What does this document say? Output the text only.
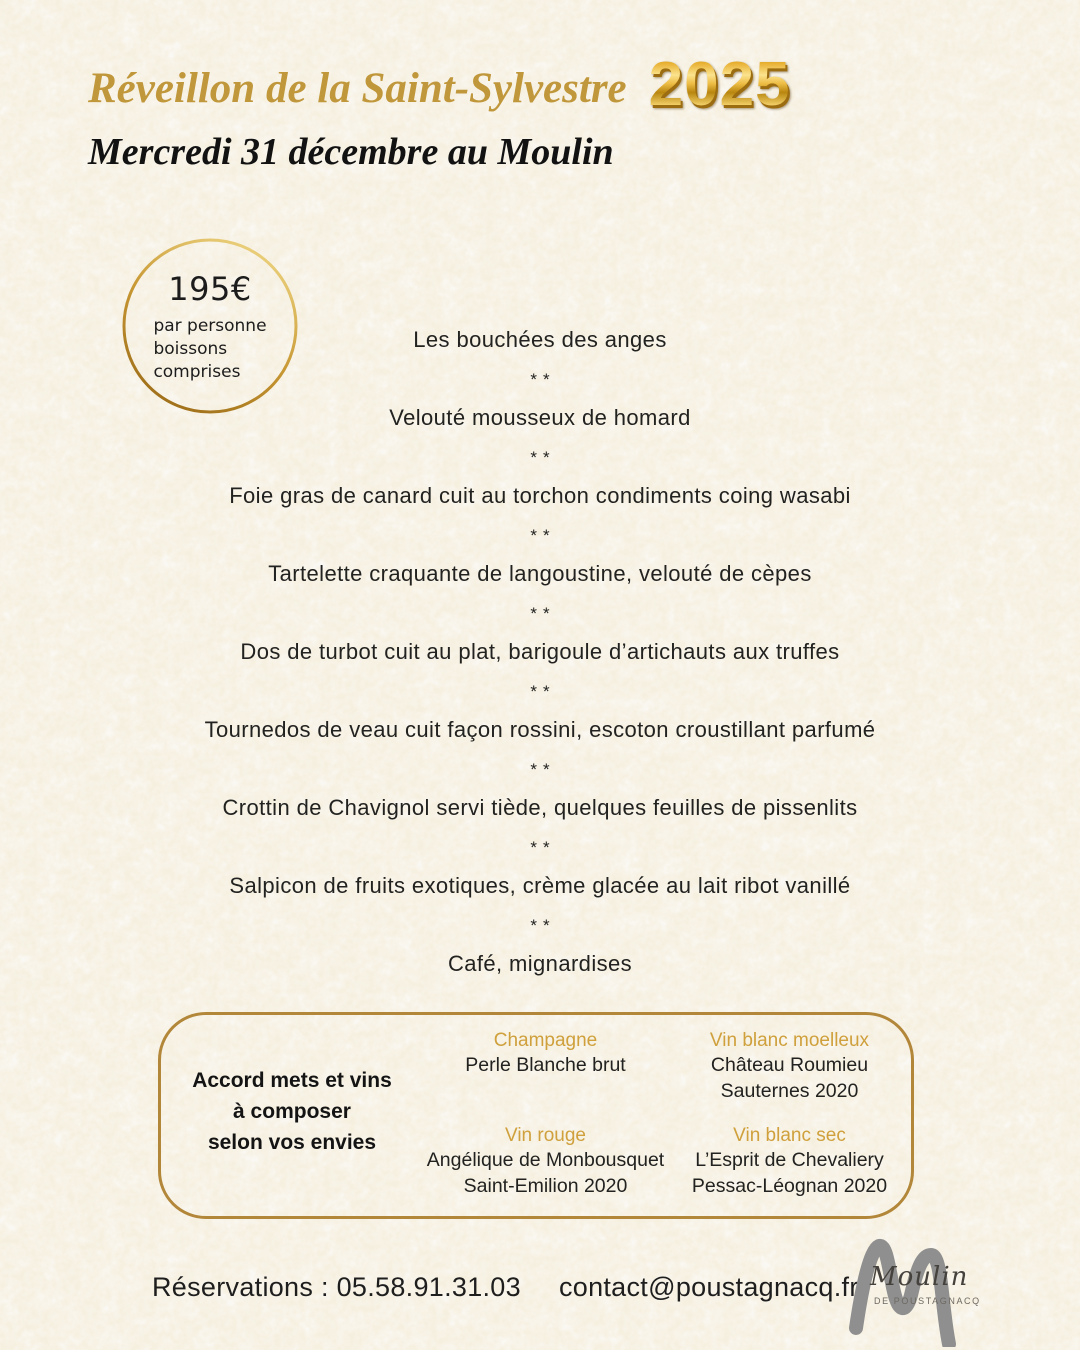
Réveillon de la Saint-Sylvestre 2025
Mercredi 31 décembre au Moulin
195€
par personne
boissons
comprises
Les bouchées des anges
**
Velouté mousseux de homard
**
Foie gras de canard cuit au torchon condiments coing wasabi
**
Tartelette craquante de langoustine, velouté de cèpes
**
Dos de turbot cuit au plat, barigoule d’artichauts aux truffes
**
Tournedos de veau cuit façon rossini, escoton croustillant parfumé
**
Crottin de Chavignol servi tiède, quelques feuilles de pissenlits
**
Salpicon de fruits exotiques, crème glacée au lait ribot vanillé
**
Café, mignardises
Accord mets et vins
à composer
selon vos envies
Champagne
Perle Blanche brut
Vin rouge
Angélique de Monbousquet
Saint-Emilion 2020
Vin blanc moelleux
Château Roumieu
Sauternes 2020
Vin blanc sec
L’Esprit de Chevaliery
Pessac-Léognan 2020
Réservations : 05.58.91.31.03 contact@poustagnacq.fr Moulin
DE POUSTAGNACQ
